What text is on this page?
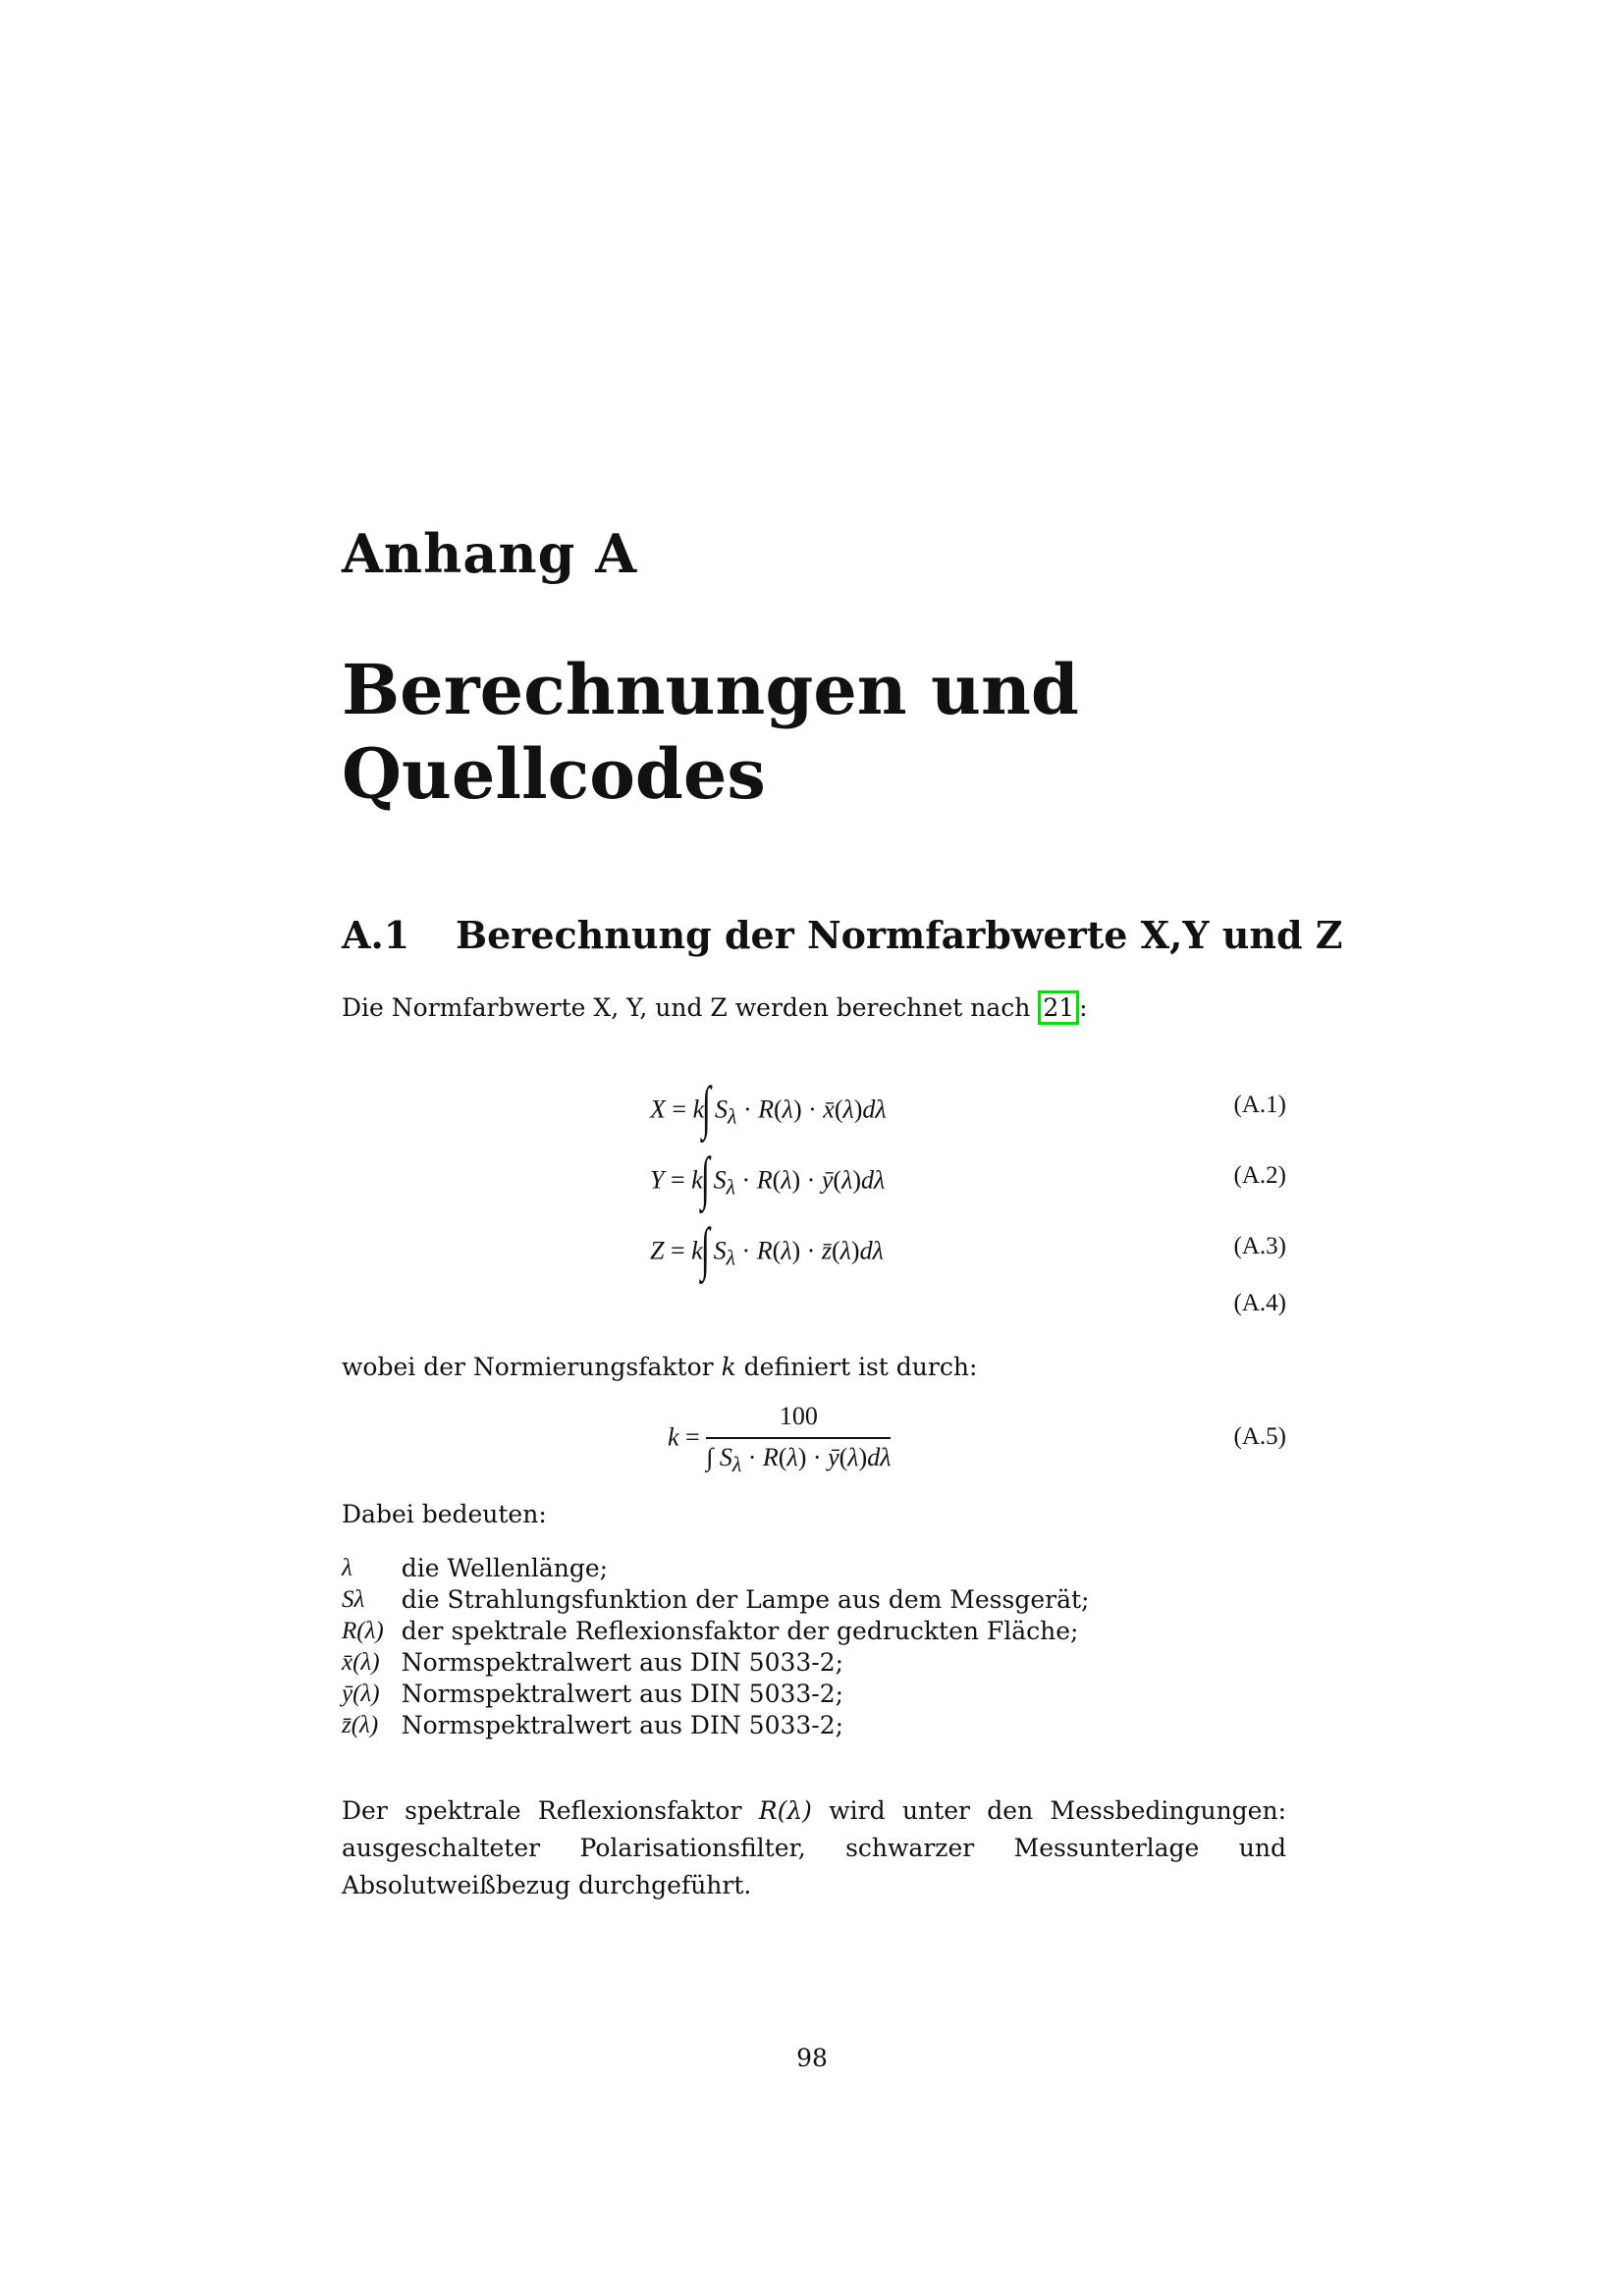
Anhang A
Berechnungen und
Quellcodes
A.1 Berechnung der Normfarbwerte X,Y und Z
Die Normfarbwerte X, Y, und Z werden berechnet nach 21 :
X = k∫ $S_\lambda \cdot R(\lambda)$ · x̄(λ)dλ	(A.1)
Y = k∫ $S_\lambda \cdot R(\lambda)$ · ȳ(λ)dλ	(A.2)
Z = k∫ $S_\lambda \cdot R(\lambda)$ · z̄(λ)dλ	(A.3)
(A.4)
wobei der Normierungsfaktor k definiert ist durch:
$k = \frac{100}{\int S_\lambda \cdot R(\lambda) \cdot ȳ(\lambda)d\lambda}$	(A.5)
Dabei bedeuten:
λ	die Wellenlänge;
Sλ	die Strahlungsfunktion der Lampe aus dem Messgerät;
R(λ)	der spektrale Reflexionsfaktor der gedruckten Fläche;
x̄(λ)	Normspektralwert aus DIN 5033-2;
ȳ(λ)	Normspektralwert aus DIN 5033-2;
z̄(λ)	Normspektralwert aus DIN 5033-2;
Der spektrale Reflexionsfaktor R(λ) wird unter den Messbedingungen: ausgeschalteter Polarisationsfilter, schwarzer Messunterlage und Absolutweißbezug durchgeführt.
98
